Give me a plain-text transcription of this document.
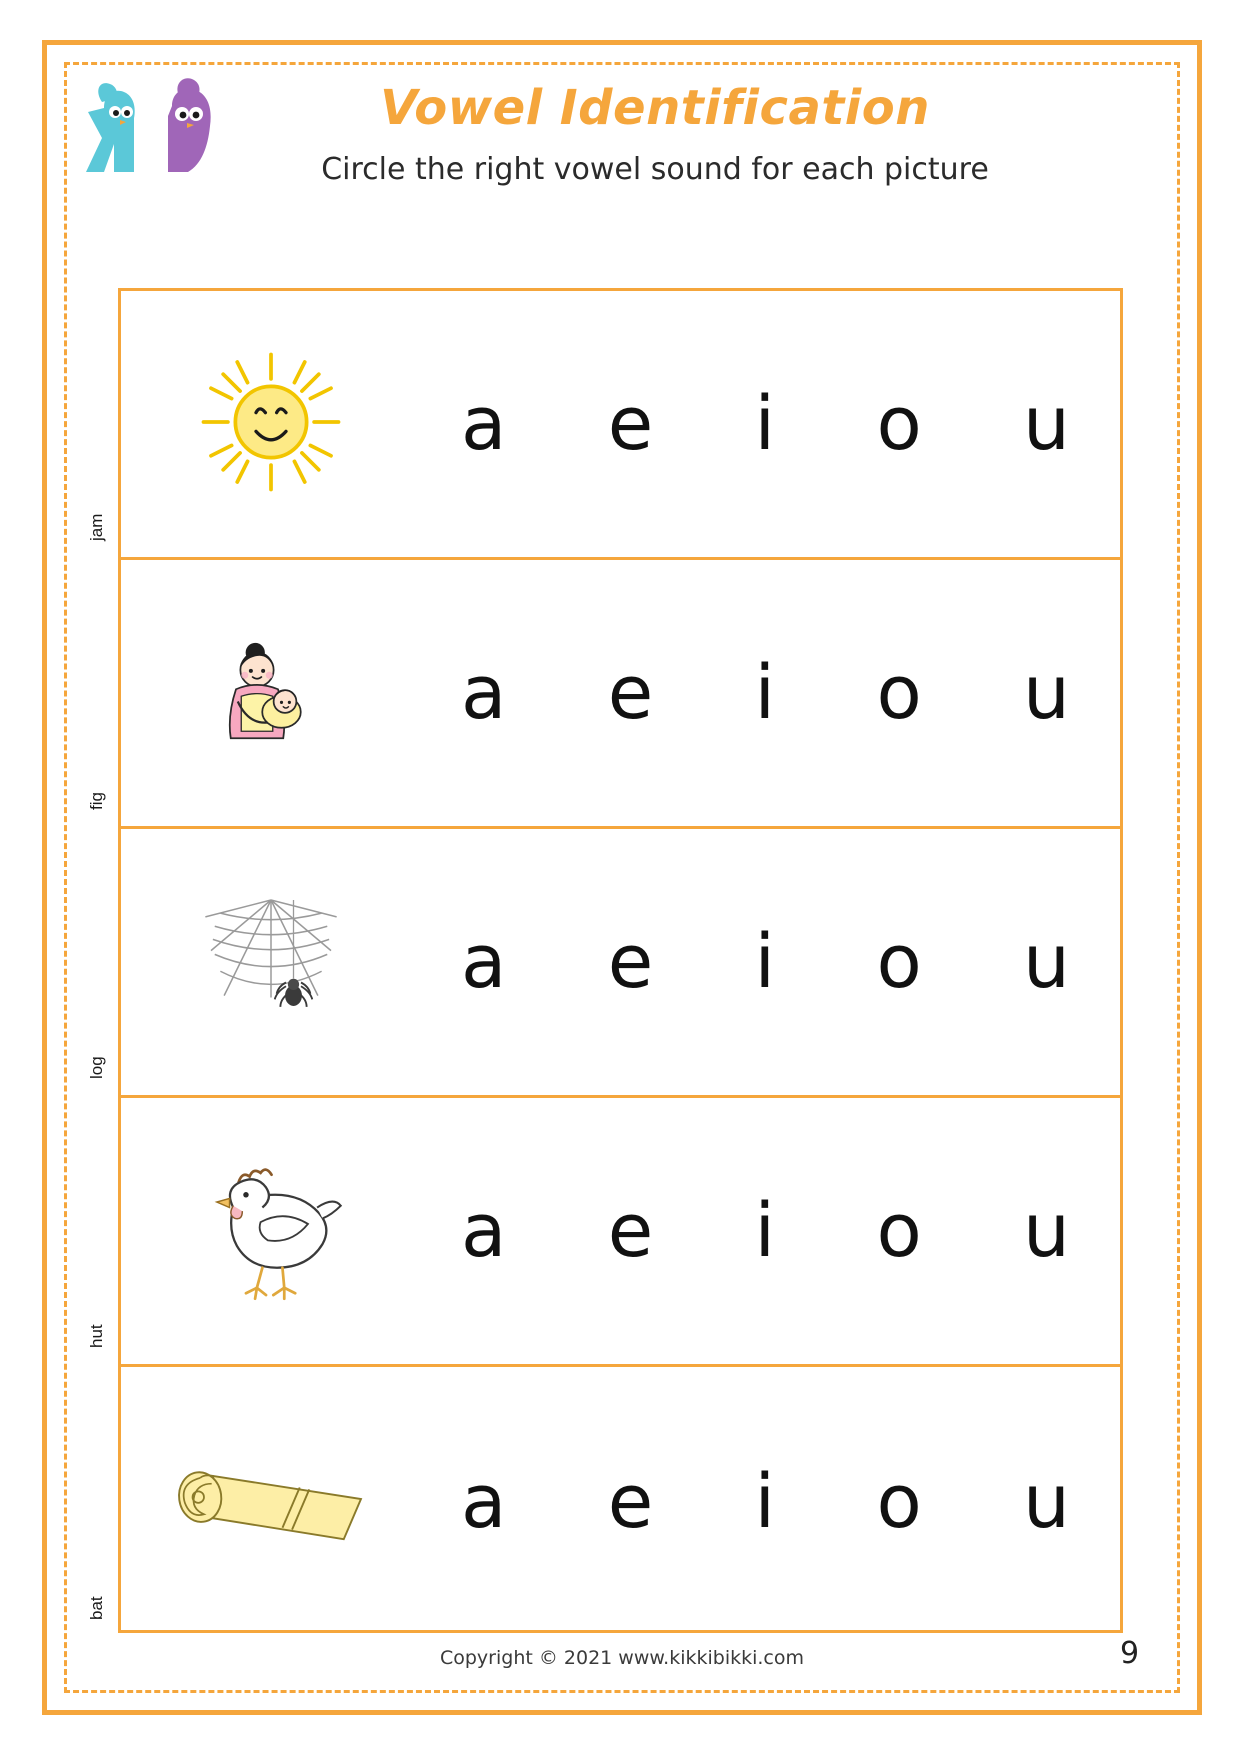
Vowel Identification
Circle the right vowel sound for each picture
jam
a e i o u
fig
a e i o u
log
a e i o u
hut
a e i o u
bat
a e i o u
Copyright © 2021 www.kikkibikki.com	9
